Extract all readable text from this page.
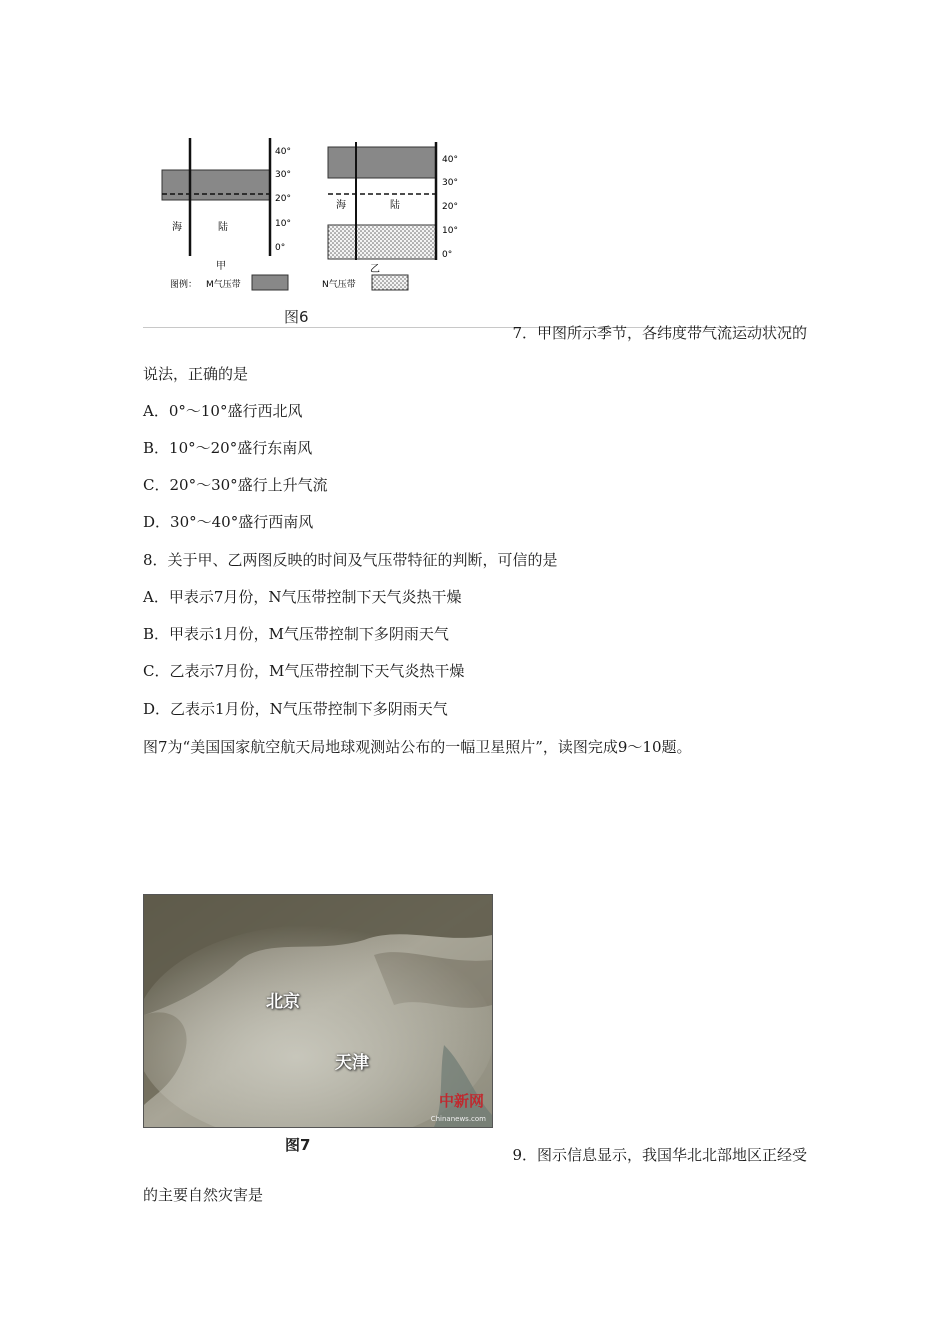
海	陆
40°
30°
20°
10°
0°
甲
海	陆
40°
30°
20°
10°
0°
乙
图例： M气压带	N气压带
图6
7．甲图所示季节，各纬度带气流运动状况的
说法，正确的是
A．0°～10°盛行西北风
B．10°～20°盛行东南风
C．20°～30°盛行上升气流
D．30°～40°盛行西南风
8．关于甲、乙两图反映的时间及气压带特征的判断，可信的是
A．甲表示7月份，N气压带控制下天气炎热干燥
B．甲表示1月份，M气压带控制下多阴雨天气
C．乙表示7月份，M气压带控制下天气炎热干燥
D．乙表示1月份，N气压带控制下多阴雨天气
图7为“美国国家航空航天局地球观测站公布的一幅卫星照片”，读图完成9～10题。
北京
天津
中新网
Chinanews.com
图7
9．图示信息显示，我国华北北部地区正经受
的主要自然灾害是
